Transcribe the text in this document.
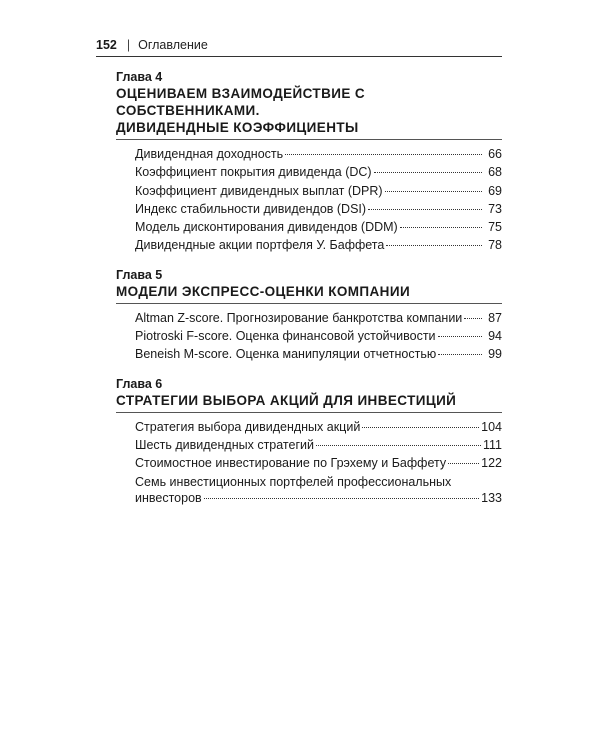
152 | Оглавление
Глава 4
ОЦЕНИВАЕМ ВЗАИМОДЕЙСТВИЕ С СОБСТВЕННИКАМИ.
ДИВИДЕНДНЫЕ КОЭФФИЦИЕНТЫ
Дивидендная доходность	66
Коэффициент покрытия дивиденда (DC)	68
Коэффициент дивидендных выплат (DPR)	69
Индекс стабильности дивидендов (DSI)	73
Модель дисконтирования дивидендов (DDM)	75
Дивидендные акции портфеля У. Баффета	78
Глава 5
МОДЕЛИ ЭКСПРЕСС-ОЦЕНКИ КОМПАНИИ
Altman Z-score. Прогнозирование банкротства компании	87
Piotroski F-score. Оценка финансовой устойчивости	94
Beneish M-score. Оценка манипуляции отчетностью	99
Глава 6
СТРАТЕГИИ ВЫБОРА АКЦИЙ ДЛЯ ИНВЕСТИЦИЙ
Стратегия выбора дивидендных акций	104
Шесть дивидендных стратегий	111
Стоимостное инвестирование по Грэхему и Баффету	122
Семь инвестиционных портфелей профессиональных
инвесторов	133
